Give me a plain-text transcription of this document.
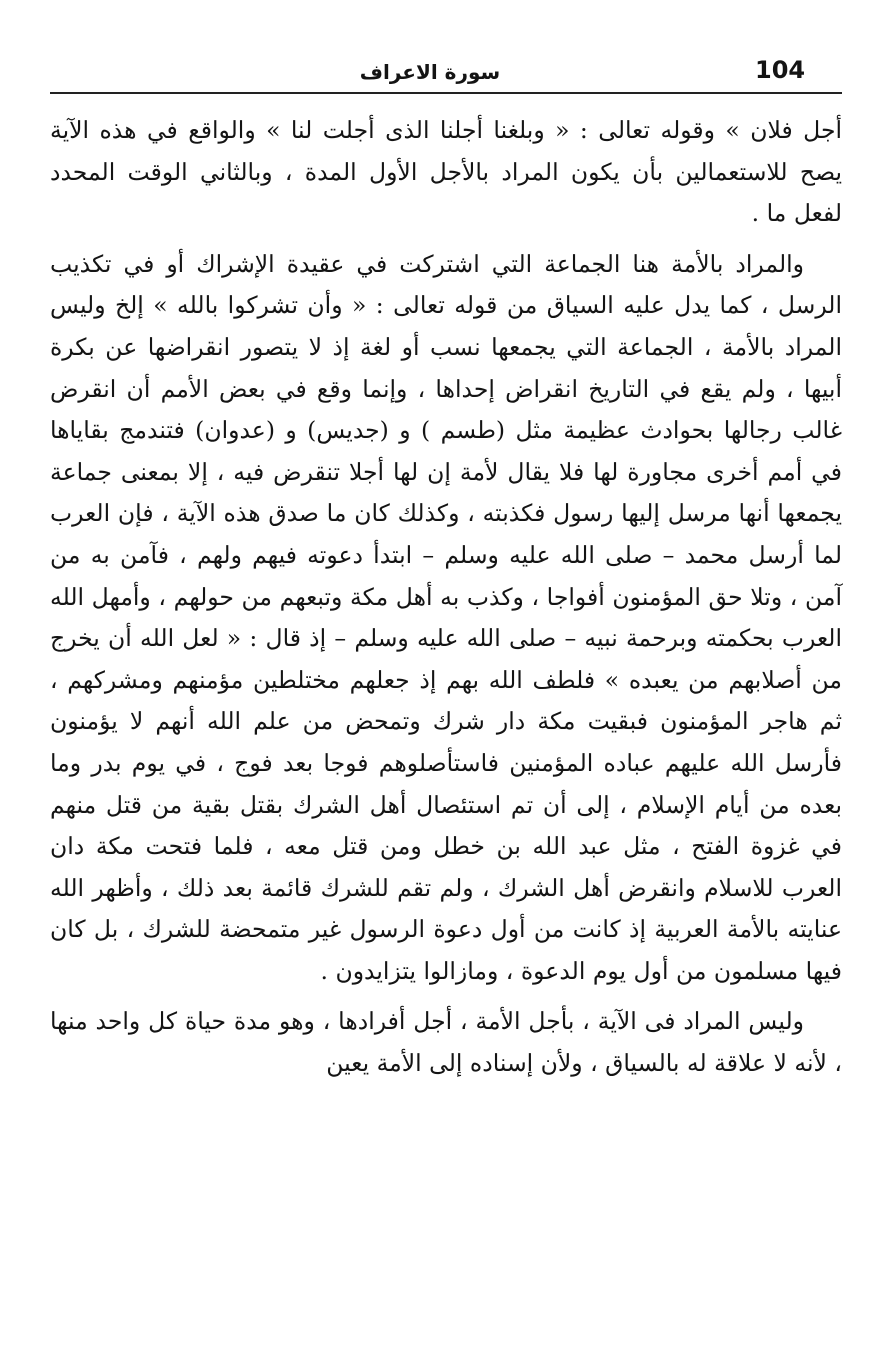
104
سورة الاعراف

أجل فلان » وقوله تعالى : « وبلغنا أجلنا الذى أجلت لنا » والواقع في هذه الآية يصح للاستعمالين بأن يكون المراد بالأجل الأول المدة ، وبالثاني الوقت المحدد لفعل ما .

والمراد بالأمة هنا الجماعة التي اشتركت في عقيدة الإشراك أو في تكذيب الرسل ، كما يدل عليه السياق من قوله تعالى : « وأن تشركوا بالله » إلخ وليس المراد بالأمة ، الجماعة التي يجمعها نسب أو لغة إذ لا يتصور انقراضها عن بكرة أبيها ، ولم يقع في التاريخ انقراض إحداها ، وإنما وقع في بعض الأمم أن انقرض غالب رجالها بحوادث عظيمة مثل (طسم ) و (جديس) و (عدوان) فتندمج بقاياها في أمم أخرى مجاورة لها فلا يقال لأمة إن لها أجلا تنقرض فيه ، إلا بمعنى جماعة يجمعها أنها مرسل إليها رسول فكذبته ، وكذلك كان ما صدق هذه الآية ، فإن العرب لما أرسل محمد – صلى الله عليه وسلم – ابتدأ دعوته فيهم ولهم ، فآمن به من آمن ، وتلا حق المؤمنون أفواجا ، وكذب به أهل مكة وتبعهم من حولهم ، وأمهل الله العرب بحكمته وبرحمة نبيه – صلى الله عليه وسلم – إذ قال : « لعل الله أن يخرج من أصلابهم من يعبده » فلطف الله بهم إذ جعلهم مختلطين مؤمنهم ومشركهم ، ثم هاجر المؤمنون فبقيت مكة دار شرك وتمحض من علم الله أنهم لا يؤمنون فأرسل الله عليهم عباده المؤمنين فاستأصلوهم فوجا بعد فوج ، في يوم بدر وما بعده من أيام الإسلام ، إلى أن تم استئصال أهل الشرك بقتل بقية من قتل منهم في غزوة الفتح ، مثل عبد الله بن خطل ومن قتل معه ، فلما فتحت مكة دان العرب للاسلام وانقرض أهل الشرك ، ولم تقم للشرك قائمة بعد ذلك ، وأظهر الله عنايته بالأمة العربية إذ كانت من أول دعوة الرسول غير متمحضة للشرك ، بل كان فيها مسلمون من أول يوم الدعوة ، ومازالوا يتزايدون .

وليس المراد فى الآية ، بأجل الأمة ، أجل أفرادها ، وهو مدة حياة كل واحد منها ، لأنه لا علاقة له بالسياق ، ولأن إسناده إلى الأمة يعين
